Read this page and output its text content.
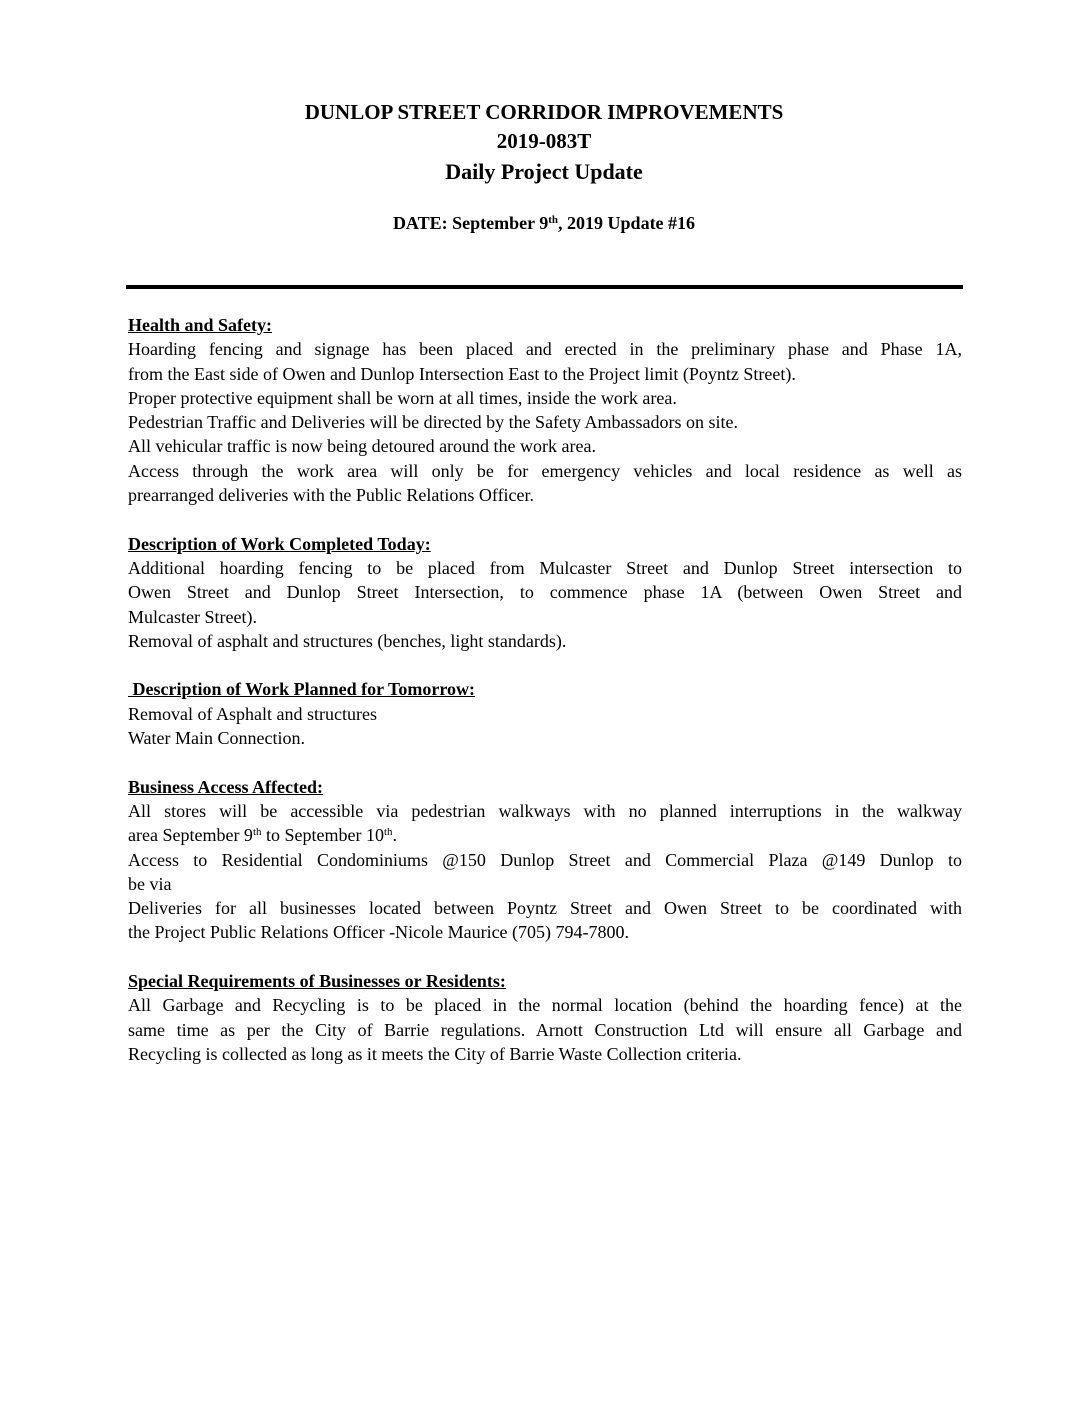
DUNLOP STREET CORRIDOR IMPROVEMENTS
2019-083T
Daily Project Update
DATE: September 9th, 2019 Update #16
Health and Safety:
Hoarding fencing and signage has been placed and erected in the preliminary phase and Phase 1A,
from the East side of Owen and Dunlop Intersection East to the Project limit (Poyntz Street).
Proper protective equipment shall be worn at all times, inside the work area.
Pedestrian Traffic and Deliveries will be directed by the Safety Ambassadors on site.
All vehicular traffic is now being detoured around the work area.
Access through the work area will only be for emergency vehicles and local residence as well as
prearranged deliveries with the Public Relations Officer.
Description of Work Completed Today:
Additional hoarding fencing to be placed from Mulcaster Street and Dunlop Street intersection to
Owen Street and Dunlop Street Intersection, to commence phase 1A (between Owen Street and
Mulcaster Street).
Removal of asphalt and structures (benches, light standards).
Description of Work Planned for Tomorrow:
Removal of Asphalt and structures
Water Main Connection.
Business Access Affected:
All stores will be accessible via pedestrian walkways with no planned interruptions in the walkway
area September 9th to September 10th.
Access to Residential Condominiums @150 Dunlop Street and Commercial Plaza @149 Dunlop to
be via
Deliveries for all businesses located between Poyntz Street and Owen Street to be coordinated with
the Project Public Relations Officer -Nicole Maurice (705) 794-7800.
Special Requirements of Businesses or Residents:
All Garbage and Recycling is to be placed in the normal location (behind the hoarding fence) at the
same time as per the City of Barrie regulations. Arnott Construction Ltd will ensure all Garbage and
Recycling is collected as long as it meets the City of Barrie Waste Collection criteria.
